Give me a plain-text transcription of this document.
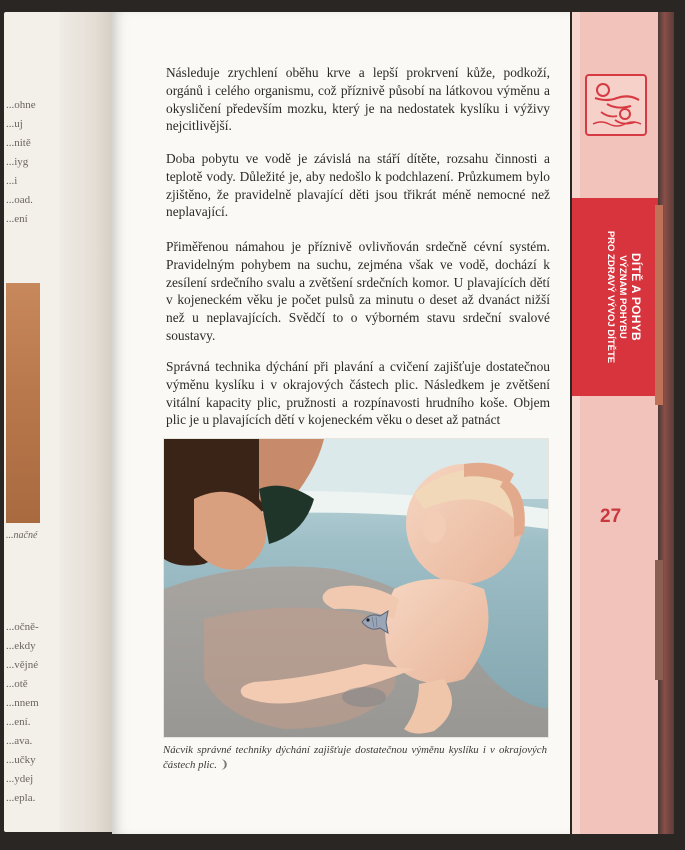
...ohne
...uj
...nitě
...iyg
...i
...oad.
...ení

...načné

...očně-
...ekdy
...vějné
...otě
...nnem
...ení.
...ava.
...učky
...ydej
...epla.

Následuje zrychlení oběhu krve a lepší prokrvení kůže, podkoží, orgánů i celého organismu, což příznivě působí na látkovou výměnu a okysličení především mozku, který je na nedostatek kyslíku i výživy nejcitlivější.

Doba pobytu ve vodě je závislá na stáří dítěte, rozsahu činnosti a teplotě vody. Důležité je, aby nedošlo k podchlazení. Průzkumem bylo zjištěno, že pravidelně plavající děti jsou třikrát méně nemocné než neplavající.

Přiměřenou námahou je příznivě ovlivňován srdečně cévní systém. Pravidelným pohybem na suchu, zejména však ve vodě, dochází k zesílení srdečního svalu a zvětšení srdečních komor. U plavajících dětí v kojeneckém věku je počet pulsů za minutu o deset až dvanáct nižší než u neplavajících. Svědčí to o výborném stavu srdeční svalové soustavy.

Správná technika dýchání při plavání a cvičení zajišťuje dostatečnou výměnu kyslíku i v okrajových částech plic. Následkem je zvětšení vitální kapacity plic, pružnosti a rozpínavosti hrudního koše. Objem plic je u plavajících dětí v kojeneckém věku o deset až patnáct

Nácvik správné techniky dýchání zajišťuje dostatečnou výměnu kyslíku i v okrajových částech plic. ❩

DÍTĚ A POHYB
VÝZNAM POHYBU
PRO ZDRAVÝ VÝVOJ DÍTĚTE
27
